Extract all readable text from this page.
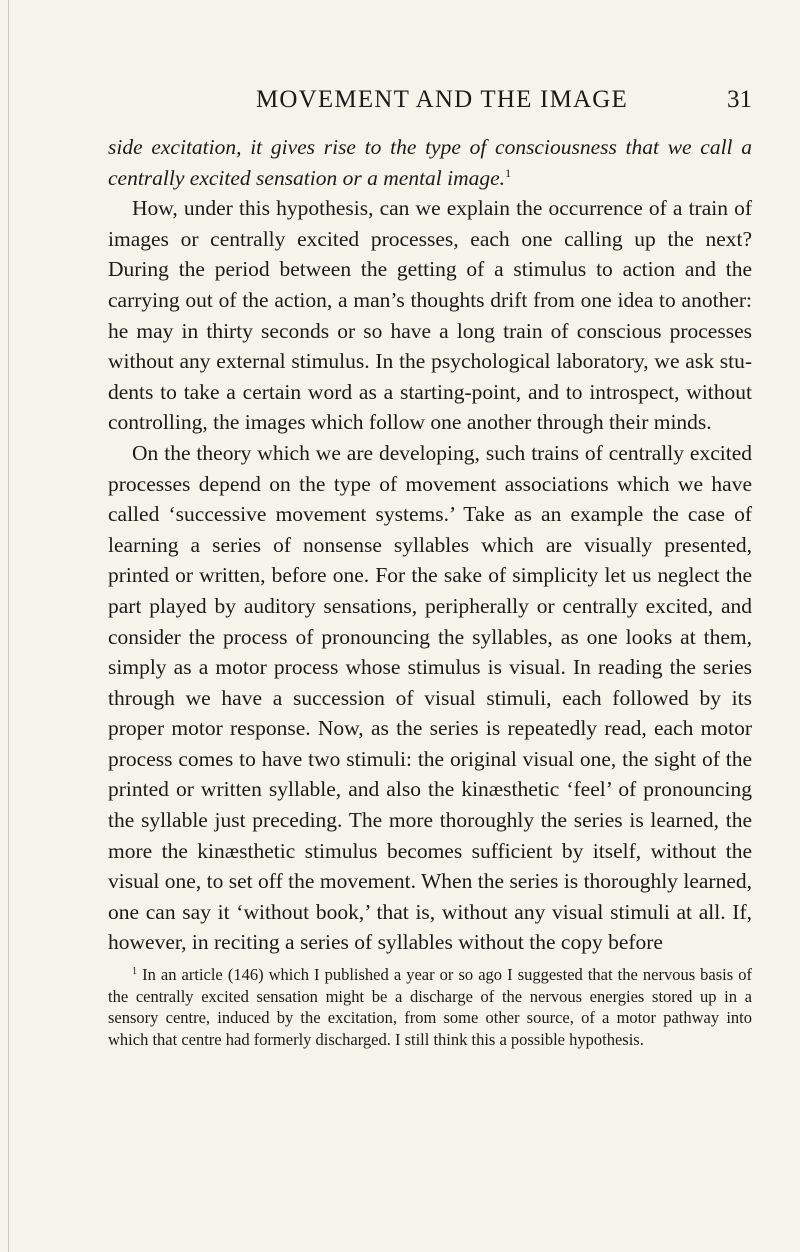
MOVEMENT AND THE IMAGE	31

side excitation, it gives rise to the type of consciousness that we call a centrally excited sensation or a mental image.$^1$

How, under this hypothesis, can we explain the occurrence of a train of images or centrally excited processes, each one calling up the next? During the period between the getting of a stimulus to action and the carrying out of the action, a man’s thoughts drift from one idea to another: he may in thirty seconds or so have a long train of conscious processes without any external stimulus. In the psychological laboratory, we ask students to take a certain word as a starting-point, and to introspect, without controlling, the images which follow one another through their minds.

On the theory which we are developing, such trains of centrally excited processes depend on the type of movement associations which we have called ‘successive movement systems.’ Take as an example the case of learning a series of nonsense syllables which are visually presented, printed or written, before one. For the sake of simplicity let us neglect the part played by auditory sensations, peripherally or centrally excited, and consider the process of pronouncing the syllables, as one looks at them, simply as a motor process whose stimulus is visual. In reading the series through we have a succession of visual stimuli, each followed by its proper motor response. Now, as the series is repeatedly read, each motor process comes to have two stimuli: the original visual one, the sight of the printed or written syllable, and also the kinæsthetic ‘feel’ of pronouncing the syllable just preceding. The more thoroughly the series is learned, the more the kinæsthetic stimulus becomes sufficient by itself, without the visual one, to set off the movement. When the series is thoroughly learned, one can say it ‘without book,’ that is, without any visual stimuli at all. If, however, in reciting a series of syllables without the copy before

$^1$ In an article (146) which I published a year or so ago I suggested that the nervous basis of the centrally excited sensation might be a discharge of the nervous energies stored up in a sensory centre, induced by the excitation, from some other source, of a motor pathway into which that centre had formerly discharged. I still think this a possible hypothesis.
